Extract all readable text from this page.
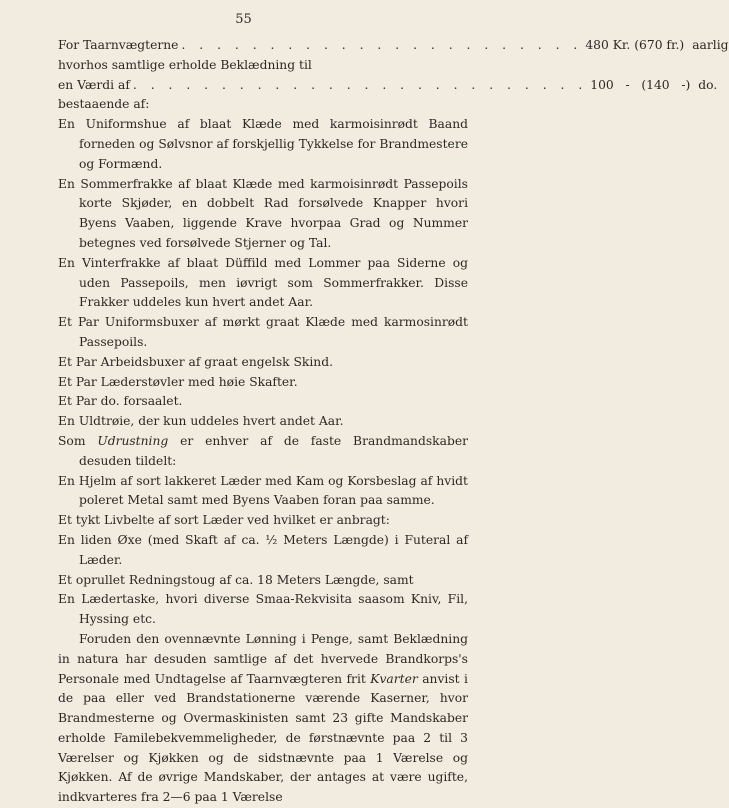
55
For Taarnvægterne . . . . . . . . . . . . . . . . . . . . . . . 480 Kr. (670 fr.) aarlig
hvorhos samtlige erholde Beklædning til
en Værdi af . . . . . . . . . . . . . . . . . . . . . . . . . . 100   -   (140   -) do.
bestaaende af:
En Uniformshue af blaat Klæde med karmoisinrødt Baand forneden og Sølvsnor af forskjellig Tykkelse for Brandmestere og Formænd.
En Sommerfrakke af blaat Klæde med karmoisinrødt Passepoils korte Skjøder, en dobbelt Rad forsølvede Knapper hvori Byens Vaaben, liggende Krave hvorpaa Grad og Nummer betegnes ved forsølvede Stjerner og Tal.
En Vinterfrakke af blaat Düffild med Lommer paa Siderne og uden Passepoils, men iøvrigt som Sommerfrakker. Disse Frakker uddeles kun hvert andet Aar.
Et Par Uniformsbuxer af mørkt graat Klæde med karmosinrødt Passepoils.
Et Par Arbeidsbuxer af graat engelsk Skind.
Et Par Læderstøvler med høie Skafter.
Et Par do. forsaalet.
En Uldtrøie, der kun uddeles hvert andet Aar.
Som Udrustning er enhver af de faste Brandmandskaber desuden tildelt:
En Hjelm af sort lakkeret Læder med Kam og Korsbeslag af hvidt poleret Metal samt med Byens Vaaben foran paa samme.
Et tykt Livbelte af sort Læder ved hvilket er anbragt:
En liden Øxe (med Skaft af ca. ½ Meters Længde) i Futeral af Læder.
Et oprullet Redningstoug af ca. 18 Meters Længde, samt
En Lædertaske, hvori diverse Smaa-Rekvisita saasom Kniv, Fil, Hyssing etc.
Foruden den ovennævnte Lønning i Penge, samt Beklædning in natura har desuden samtlige af det hvervede Brandkorps's Personale med Undtagelse af Taarnvægteren frit Kvarter anvist i de paa eller ved Brandstationerne værende Kaserner, hvor Brandmesterne og Overmaskinisten samt 23 gifte Mandskaber erholde Familebekvemmeligheder, de førstnævnte paa 2 til 3 Værelser og Kjøkken og de sidstnævnte paa 1 Værelse og Kjøkken. Af de øvrige Mandskaber, der antages at være ugifte, indkvarteres fra 2—6 paa 1 Værelse
